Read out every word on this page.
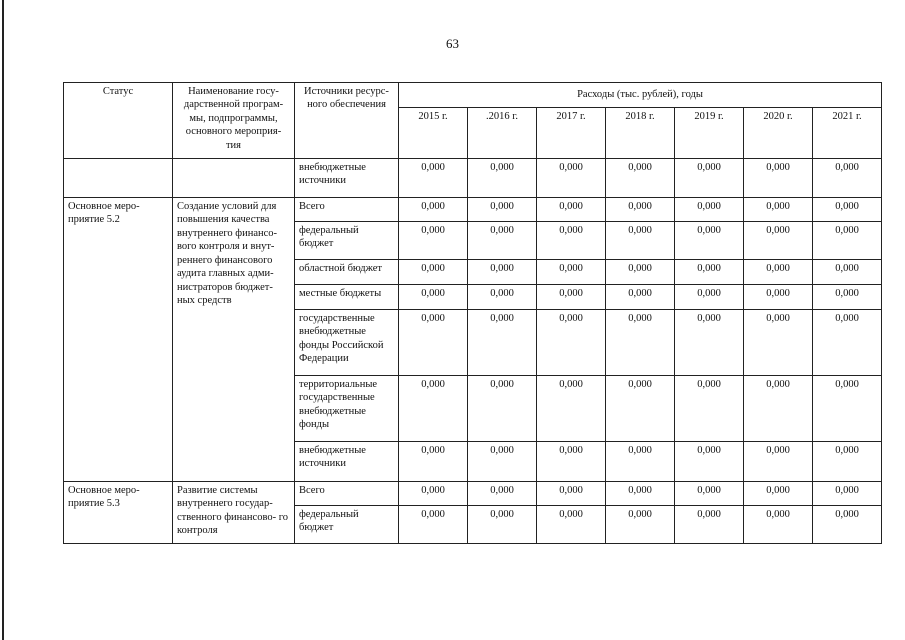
63
Статус	Наименование госу- дарственной програм- мы, подпрограммы, основного мероприя- тия	Источники ресурс- ного обеспечения	Расходы (тыс. рублей), годы						
			2015 г.	.2016 г.	2017 г.	2018 г.	2019 г.	2020 г.	2021 г.
		внебюджетные источники	0,000	0,000	0,000	0,000	0,000	0,000	0,000
Основное меро- приятие 5.2	Создание условий для повышения качества внутреннего финансо- вого контроля и внут- реннего финансового аудита главных адми- нистраторов бюджет- ных средств	Всего	0,000	0,000	0,000	0,000	0,000	0,000	0,000
		федеральный бюджет	0,000	0,000	0,000	0,000	0,000	0,000	0,000
		областной бюджет	0,000	0,000	0,000	0,000	0,000	0,000	0,000
		местные бюджеты	0,000	0,000	0,000	0,000	0,000	0,000	0,000
		государственные внебюджетные фонды Российской Федерации	0,000	0,000	0,000	0,000	0,000	0,000	0,000
		территориальные государственные внебюджетные фонды	0,000	0,000	0,000	0,000	0,000	0,000	0,000
		внебюджетные источники	0,000	0,000	0,000	0,000	0,000	0,000	0,000
Основное меро- приятие 5.3	Развитие системы внутреннего государ- ственного финансово- го контроля	Всего	0,000	0,000	0,000	0,000	0,000	0,000	0,000
		федеральный бюджет	0,000	0,000	0,000	0,000	0,000	0,000	0,000
